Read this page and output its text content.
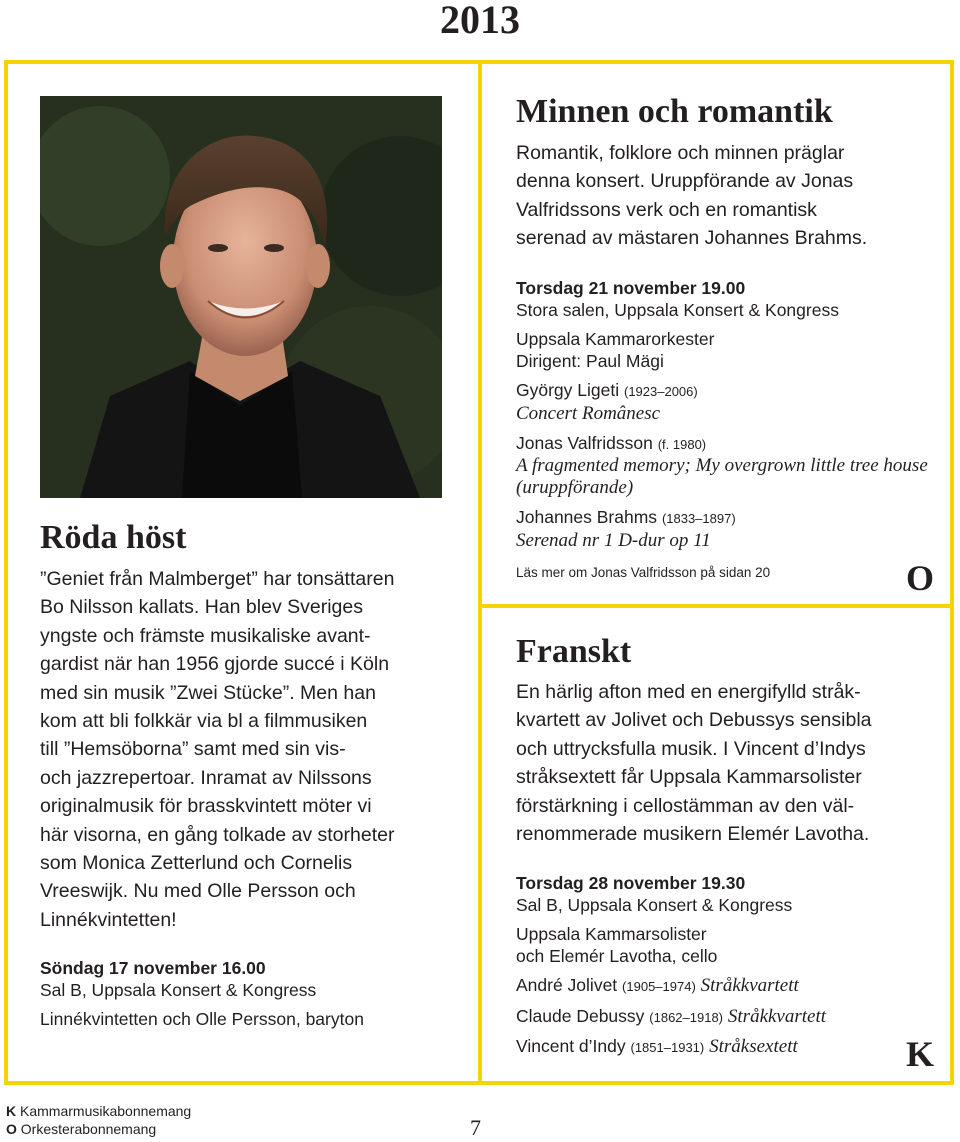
2013
Röda höst
”Geniet från Malmberget” har tonsättaren
Bo Nilsson kallats. Han blev Sveriges
yngste och främste musikaliske avant-
gardist när han 1956 gjorde succé i Köln
med sin musik ”Zwei Stücke”. Men han
kom att bli folkkär via bl a filmmusiken
till ”Hemsöborna” samt med sin vis-
och jazzrepertoar. Inramat av Nilssons
originalmusik för brasskvintett möter vi
här visorna, en gång tolkade av storheter
som Monica Zetterlund och Cornelis
Vreeswijk. Nu med Olle Persson och
Linnékvintetten!
Söndag 17 november 16.00
Sal B, Uppsala Konsert & Kongress
Linnékvintetten och Olle Persson, baryton
Minnen och romantik
Romantik, folklore och minnen präglar
denna konsert. Uruppförande av Jonas
Valfridssons verk och en romantisk
serenad av mästaren Johannes Brahms.
Torsdag 21 november 19.00
Stora salen, Uppsala Konsert & Kongress
Uppsala Kammarorkester
Dirigent: Paul Mägi
György Ligeti (1923–2006)
Concert Românesc
Jonas Valfridsson (f. 1980)
A fragmented memory; My overgrown little tree house
(uruppförande)
Johannes Brahms (1833–1897)
Serenad nr 1 D-dur op 11
Läs mer om Jonas Valfridsson på sidan 20	O
Franskt
En härlig afton med en energifylld stråk-
kvartett av Jolivet och Debussys sensibla
och uttrycksfulla musik. I Vincent d’Indys
stråksextett får Uppsala Kammarsolister
förstärkning i cellostämman av den väl-
renommerade musikern Elemér Lavotha.
Torsdag 28 november 19.30
Sal B, Uppsala Konsert & Kongress
Uppsala Kammarsolister
och Elemér Lavotha, cello
André Jolivet (1905–1974) Stråkkvartett
Claude Debussy (1862–1918) Stråkkvartett
Vincent d’Indy (1851–1931) Stråksextett	K
K Kammarmusikabonnemang
O Orkesterabonnemang	7
